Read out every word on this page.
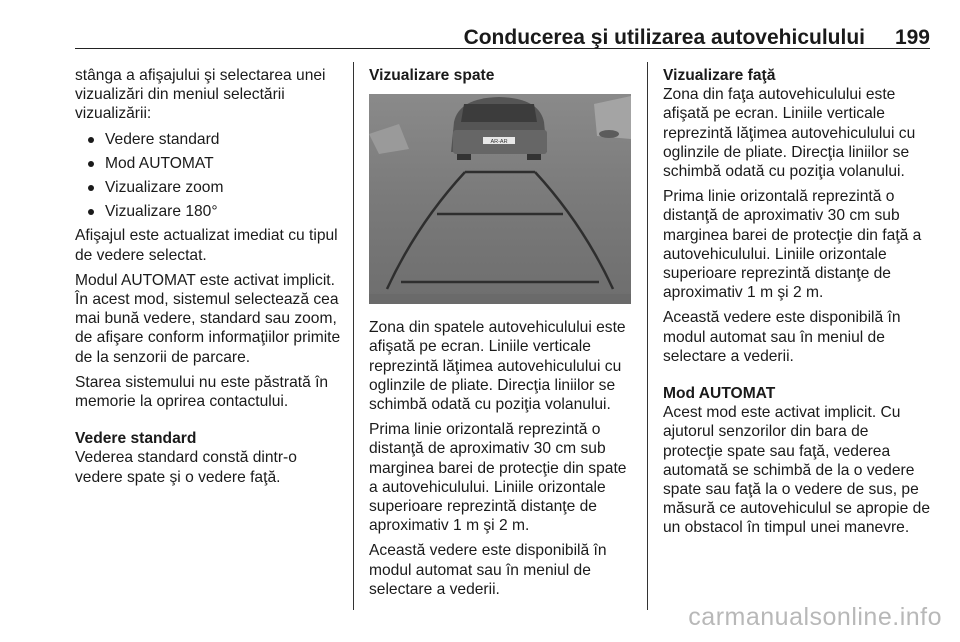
Conducerea şi utilizarea autovehiculului 199

stânga a afişajului şi selectarea unei vizualizări din meniul selectării vizualizării:

Vedere standard
Mod AUTOMAT
Vizualizare zoom
Vizualizare 180°

Afişajul este actualizat imediat cu tipul de vedere selectat.

Modul AUTOMAT este activat implicit. În acest mod, sistemul selectează cea mai bună vedere, standard sau zoom, de afişare conform informaţiilor primite de la senzorii de parcare.

Starea sistemului nu este păstrată în memorie la oprirea contactului.

Vedere standard

Vederea standard constă dintr-o vedere spate şi o vedere faţă.

Vizualizare spate
AR-AR

Zona din spatele autovehiculului este afişată pe ecran. Liniile verticale reprezintă lăţimea autovehiculului cu oglinzile de pliate. Direcţia liniilor se schimbă odată cu poziţia volanului.

Prima linie orizontală reprezintă o distanţă de aproximativ 30 cm sub marginea barei de protecţie din spate a autovehiculului. Liniile orizontale superioare reprezintă distanţe de aproximativ 1 m şi 2 m.

Această vedere este disponibilă în modul automat sau în meniul de selectare a vederii.

Vizualizare faţă

Zona din faţa autovehiculului este afişată pe ecran. Liniile verticale reprezintă lăţimea autovehiculului cu oglinzile de pliate. Direcţia liniilor se schimbă odată cu poziţia volanului.

Prima linie orizontală reprezintă o distanţă de aproximativ 30 cm sub marginea barei de protecţie din faţă a autovehiculului. Liniile orizontale superioare reprezintă distanţe de aproximativ 1 m şi 2 m.

Această vedere este disponibilă în modul automat sau în meniul de selectare a vederii.

Mod AUTOMAT

Acest mod este activat implicit. Cu ajutorul senzorilor din bara de protecţie spate sau faţă, vederea automată se schimbă de la o vedere spate sau faţă la o vedere de sus, pe măsură ce autovehiculul se apropie de un obstacol în timpul unei manevre.

carmanualsonline.info
